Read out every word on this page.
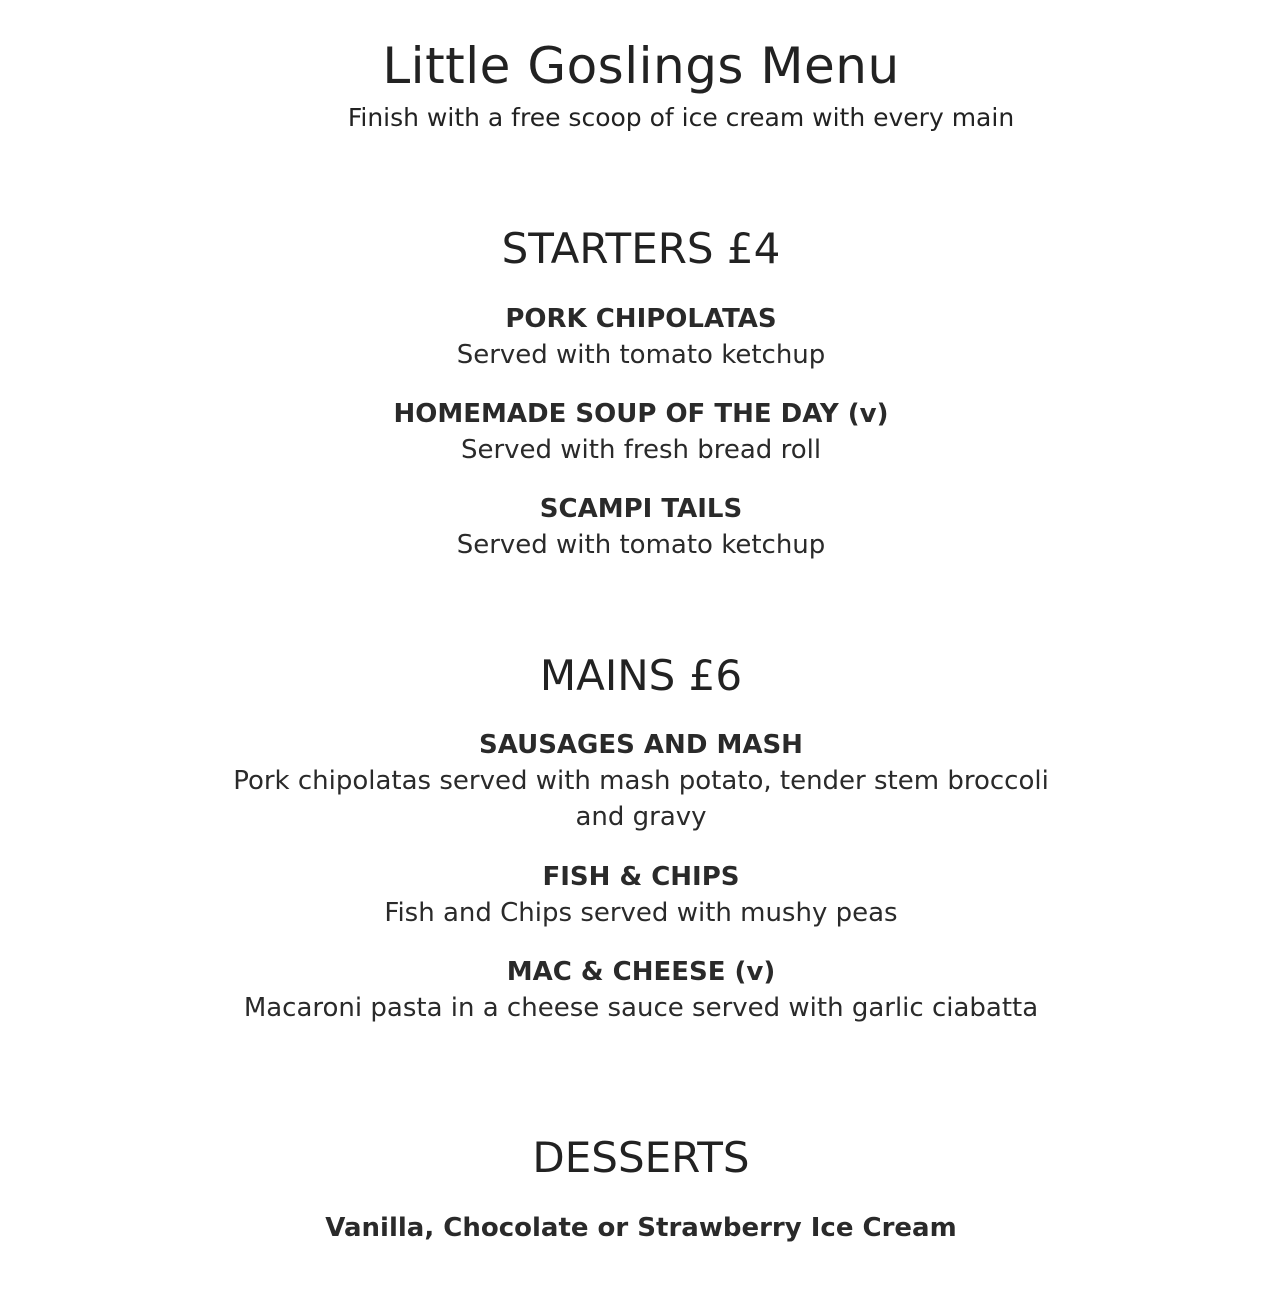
Little Goslings Menu
Finish with a free scoop of ice cream with every main
STARTERS £4
PORK CHIPOLATAS
Served with tomato ketchup
HOMEMADE SOUP OF THE DAY (v)
Served with fresh bread roll
SCAMPI TAILS
Served with tomato ketchup
MAINS £6
SAUSAGES AND MASH
Pork chipolatas served with mash potato, tender stem broccoli and gravy
FISH & CHIPS
Fish and Chips served with mushy peas
MAC & CHEESE (v)
Macaroni pasta in a cheese sauce served with garlic ciabatta
DESSERTS
Vanilla, Chocolate or Strawberry Ice Cream
